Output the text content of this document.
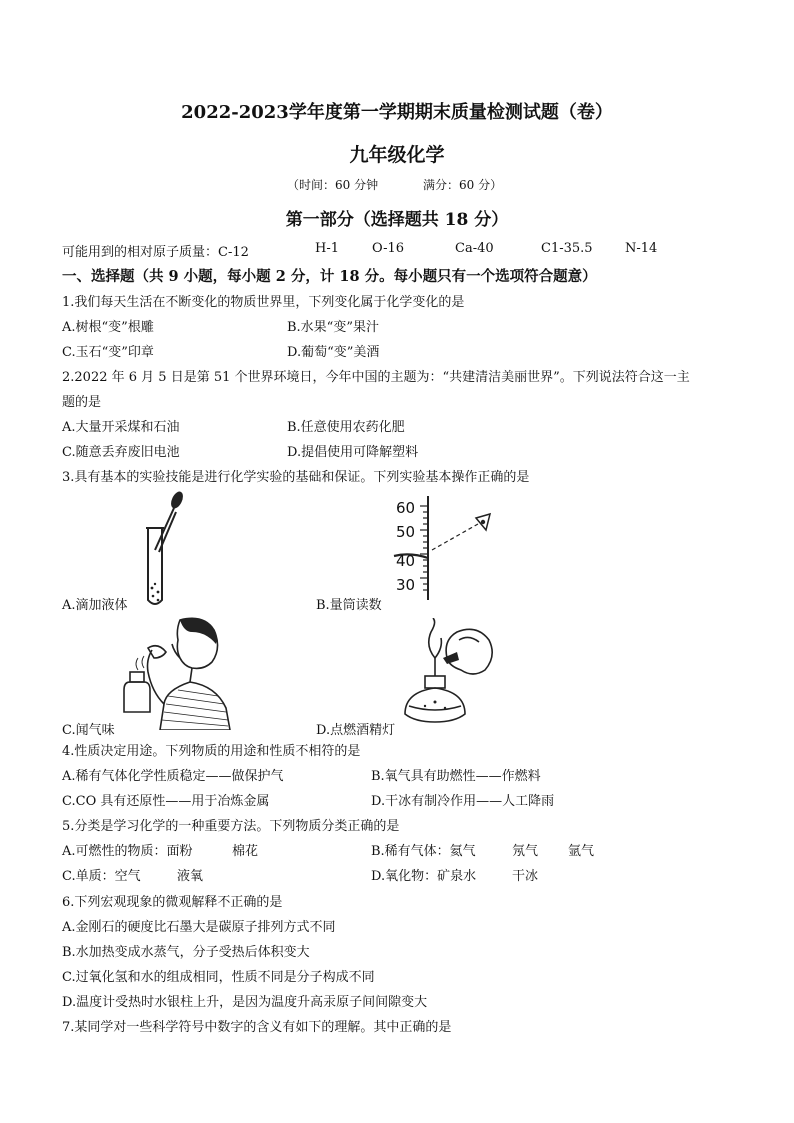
2022-2023学年度第一学期期末质量检测试题（卷）
九年级化学
（时间：60 分钟	满分：60 分）
第一部分（选择题共 18 分）
可能用到的相对原子质量：C-12	H-1	O-16	Ca-40	C1-35.5 N-14
一、选择题（共 9 小题，每小题 2 分，计 18 分。每小题只有一个选项符合题意）
1.我们每天生活在不断变化的物质世界里，下列变化属于化学变化的是
A.树根“变”根雕	B.水果“变”果汁
C.玉石“变”印章	D.葡萄“变”美酒
2.2022 年 6 月 5 日是第 51 个世界环境日，今年中国的主题为：“共建清洁美丽世界”。下列说法符合这一主
题的是
A.大量开采煤和石油	B.任意使用农药化肥
C.随意丢弃废旧电池	D.提倡使用可降解塑料
3.具有基本的实验技能是进行化学实验的基础和保证。下列实验基本操作正确的是
A.滴加液体
60
50
40
30
B.量筒读数
C.闻气味	D.点燃酒精灯
4.性质决定用途。下列物质的用途和性质不相符的是
A.稀有气体化学性质稳定——做保护气	B.氧气具有助燃性——作燃料
C.CO 具有还原性——用于冶炼金属	D.干冰有制冷作用——人工降雨
5.分类是学习化学的一种重要方法。下列物质分类正确的是
A.可燃性的物质：面粉	棉花	B.稀有气体：氦气	氖气 氩气
C.单质：空气	液氧	D.氧化物：矿泉水	干冰
6.下列宏观现象的微观解释不正确的是
A.金刚石的硬度比石墨大是碳原子排列方式不同
B.水加热变成水蒸气，分子受热后体积变大
C.过氧化氢和水的组成相同，性质不同是分子构成不同
D.温度计受热时水银柱上升，是因为温度升高汞原子间间隙变大
7.某同学对一些科学符号中数字的含义有如下的理解。其中正确的是
